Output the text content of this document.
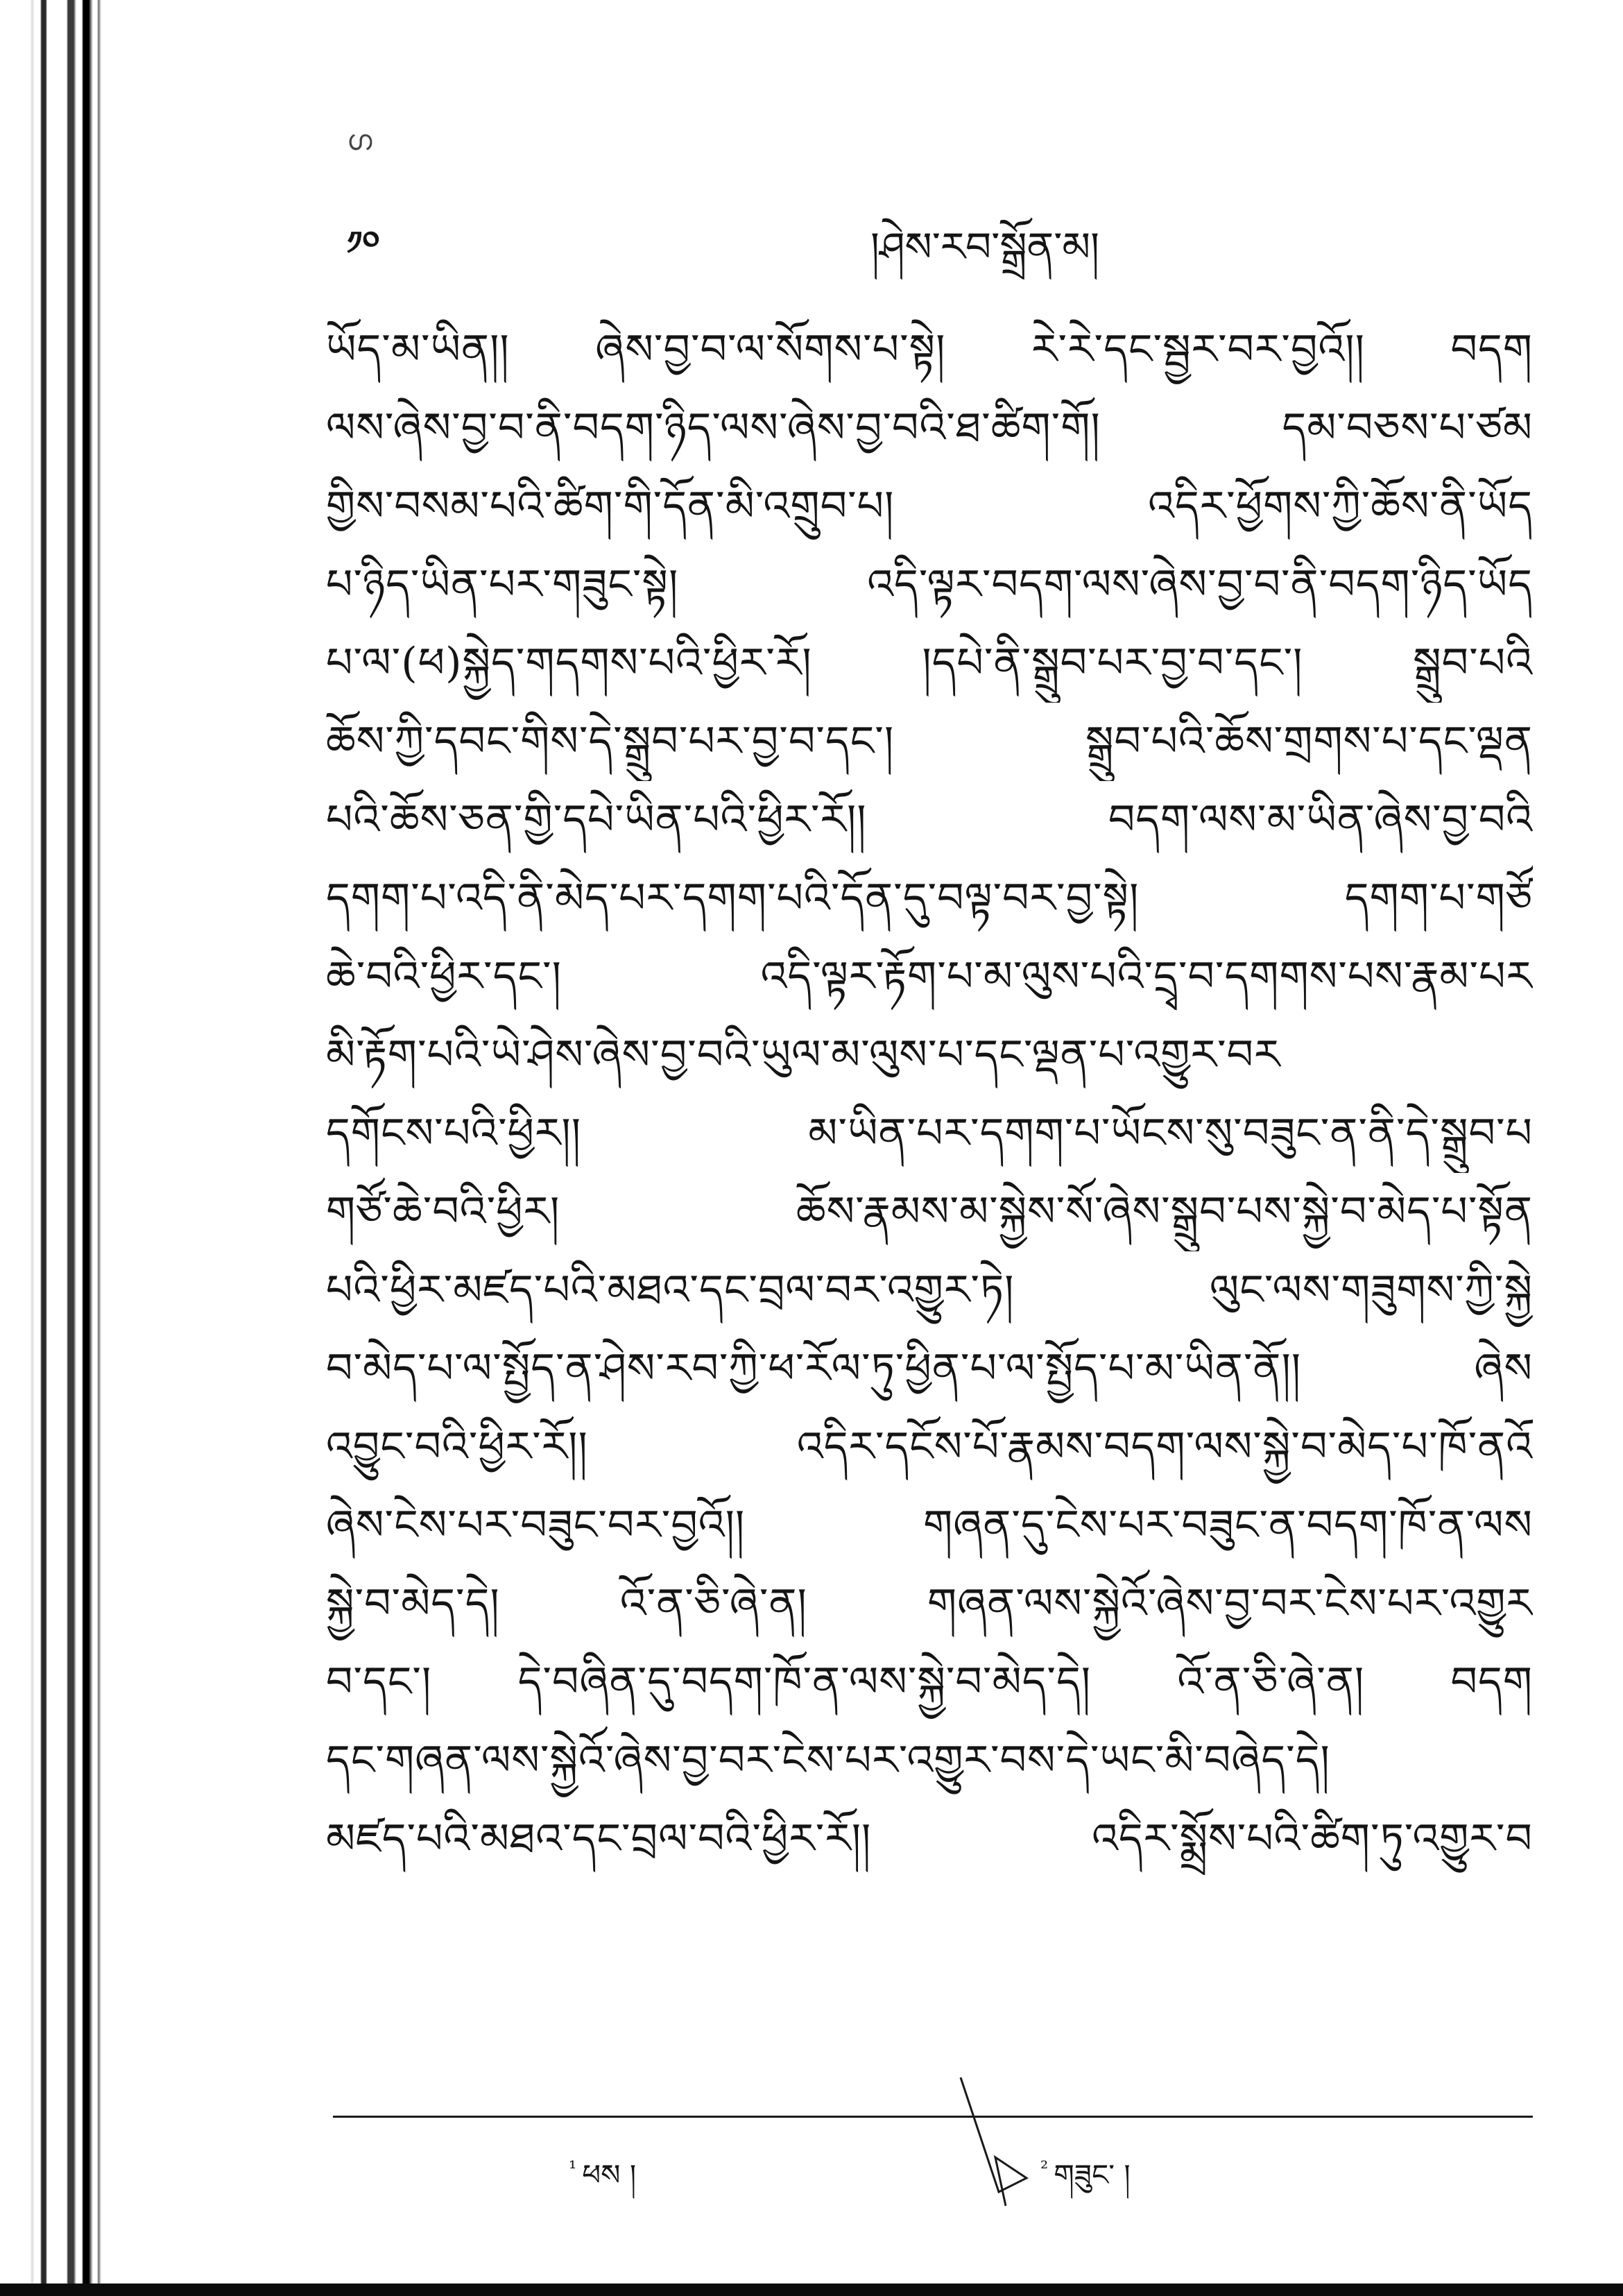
ഗ
༡༠	།ཤེས་རབ་སྒྲོན་མ།
ཡོད་མ་ཡིན།། ཞེས་བྱ་བ་ལ་སོགས་པ་སྟེ། རེ་རེ་དང་སྦྱར་བར་བྱའོ།། བདག
ལས་ཞེས་བྱ་བ་ནི་བདག་ཉིད་ལས་ཞེས་བྱ་བའི་ཐ་ཚིག་གོ། དམ་བཅས་པ་ཙམ
གྱིས་བསམ་པའི་ཚིག་གི་དོན་མི་འགྲུབ་པ། འདིར་ཕྱོགས་ཀྱི་ཆོས་ནི་ཡོད
པ་ཉིད་ཡིན་པར་གཟུང་སྟེ། འདི་ལྟར་བདག་ལས་ཞེས་བྱ་བ་ནི་བདག་ཉིད་ཡོད
པ་ལ་(ཕ)སྐྱེད་གདགས་པའི་ཕྱིར་རོ། །དཔེ་ནི་སྒྲུབ་པར་བྱ་བ་དང་། སྒྲུབ་པའི
ཆོས་ཀྱི་དབང་གིས་དེ་སྒྲུབ་པར་བྱ་བ་དང་། སྒྲུབ་པའི་ཆོས་གྲགས་པ་དང་ལྡན
པའི་ཆོས་ཅན་གྱི་དཔེ་ཡིན་པའི་ཕྱིར་རོ།། བདག་ལས་མ་ཡིན་ཞེས་བྱ་བའི
དགག་པ་འདི་ནི་མེད་པར་དགག་པའི་དོན་དུ་བལྟ་བར་བྱ་སྟེ། དགག་པ་གཙོ
ཆེ་བའི་ཕྱིར་དང་། འདི་ལྟར་རྟོག་པ་མ་ལུས་པའི་དྲྭ་བ་དགགས་པས་རྣམ་པར
མི་རྟོག་པའི་ཡེ་ཤེས་ཞེས་བྱ་བའི་ཡུལ་མ་ལུས་པ་དང་ལྡན་པ་འགྱུར་བར
དགོངས་པའི་ཕྱིར།། མ་ཡིན་པར་དགག་པ་ཡོངས་སུ་བཟུང་ན་ནི་དེ་སྒྲུབ་པ
གཙོ་ཆེ་བའི་ཕྱིར། ཆོས་རྣམས་མ་སྐྱེས་སོ་ཞེས་སྒྲུབ་པས་སྐྱེ་བ་མེད་པ་སྟོན
པའི་ཕྱིར་མཛད་པའི་མཐའ་དང་བྲལ་བར་འགྱུར་ཏེ། ལུང་ལས་གཟུགས་ཀྱི་སྐྱེ
བ་མེད་པ་ལ་སྤྱོད་ན་ཤེས་རབ་ཀྱི་ཕ་རོལ་ཏུ་ཕྱིན་པ་ལ་སྤྱོད་པ་མ་ཡིན་ནོ།། ཞེས
འབྱུང་བའི་ཕྱིར་རོ།། འདིར་དངོས་པོ་རྣམས་བདག་ལས་སྐྱེ་བ་མེད་པ་ཁོ་ནའོ
ཞེས་ངེས་པར་བཟུང་བར་བྱའོ།། གཞན་དུ་ངེས་པར་བཟུང་ན་བདག་ཁོ་ན་ལས
སྐྱེ་བ་མེད་དེ། འོ་ན་ཅི་ཞེ་ན། གཞན་ལས་སྐྱེའོ་ཞེས་བྱ་བར་ངེས་པར་འགྱུར
བ་དང་། དེ་བཞིན་དུ་བདག་ཁོ་ན་ལས་སྐྱེ་བ་མེད་དེ། འོ་ན་ཅི་ཞེ་ན། བདག
དང་གཞན་ལས་སྐྱེའོ་ཞེས་བྱ་བར་ངེས་པར་འགྱུར་བས་དེ་ཡང་མི་བཞེད་དེ།
མཛད་པའི་མཐའ་དང་བྲལ་བའི་ཕྱིར་རོ།། འདིར་སྨྲོས་པའི་ཚིག་ཏུ་འགྱུར་བ
$^{^1}$ ཕས །	$^{^2}$ གཟུང་ །
